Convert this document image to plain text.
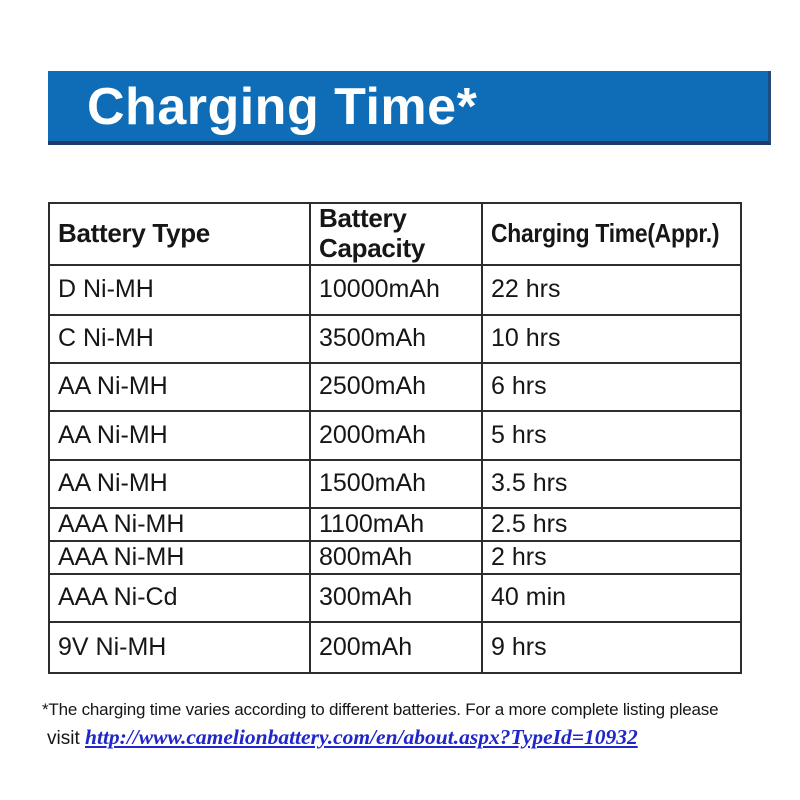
Charging Time*
Battery Type	Battery Capacity	Charging Time(Appr.)
D Ni-MH	10000mAh	22 hrs
C Ni-MH	3500mAh	10 hrs
AA Ni-MH	2500mAh	6 hrs
AA Ni-MH	2000mAh	5 hrs
AA Ni-MH	1500mAh	3.5 hrs
AAA Ni-MH	1100mAh	2.5 hrs
AAA Ni-MH	800mAh	2 hrs
AAA Ni-Cd	300mAh	40 min
9V Ni-MH	200mAh	9 hrs
*The charging time varies according to different batteries. For a more complete listing please
visit http://www.camelionbattery.com/en/about.aspx?TypeId=10932
